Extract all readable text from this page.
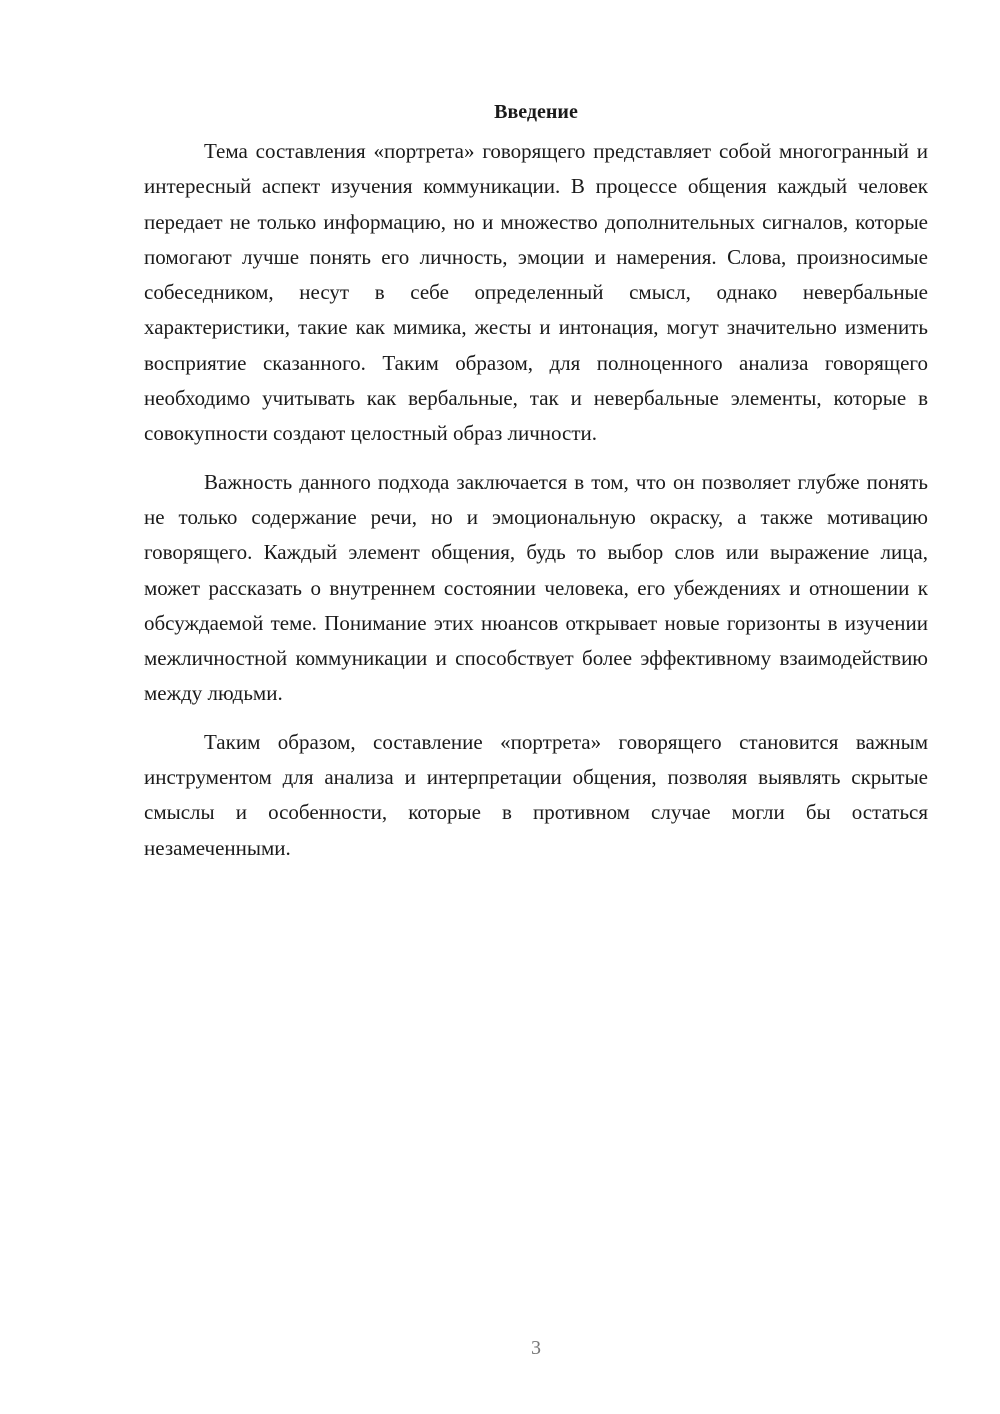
Введение

Тема составления «портрета» говорящего представляет собой многогранный и интересный аспект изучения коммуникации. В процессе общения каждый человек передает не только информацию, но и множество дополнительных сигналов, которые помогают лучше понять его личность, эмоции и намерения. Слова, произносимые собеседником, несут в себе определенный смысл, однако невербальные характеристики, такие как мимика, жесты и интонация, могут значительно изменить восприятие сказанного. Таким образом, для полноценного анализа говорящего необходимо учитывать как вербальные, так и невербальные элементы, которые в совокупности создают целостный образ личности.

Важность данного подхода заключается в том, что он позволяет глубже понять не только содержание речи, но и эмоциональную окраску, а также мотивацию говорящего. Каждый элемент общения, будь то выбор слов или выражение лица, может рассказать о внутреннем состоянии человека, его убеждениях и отношении к обсуждаемой теме. Понимание этих нюансов открывает новые горизонты в изучении межличностной коммуникации и способствует более эффективному взаимодействию между людьми.

Таким образом, составление «портрета» говорящего становится важным инструментом для анализа и интерпретации общения, позволяя выявлять скрытые смыслы и особенности, которые в противном случае могли бы остаться незамеченными.

3
